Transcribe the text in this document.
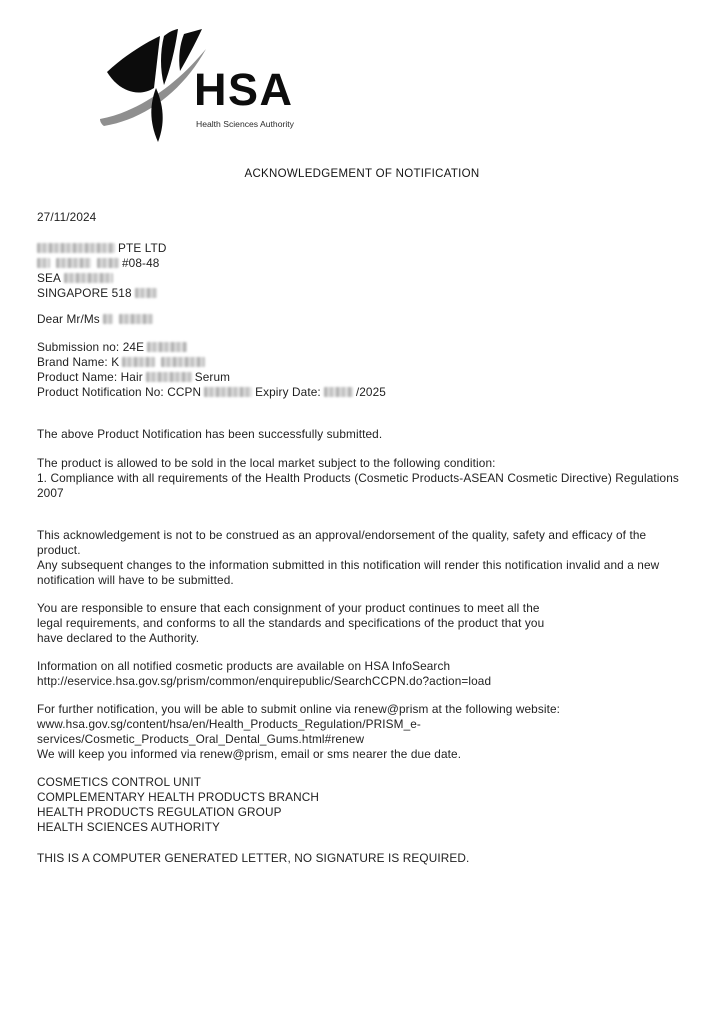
HSA
Health Sciences Authority
ACKNOWLEDGEMENT OF NOTIFICATION
27/11/2024
PTE LTD
#08-48
SEA
SINGAPORE 518
Dear Mr/Ms
Submission no: 24E
Brand Name: K
Product Name: Hair	Serum
Product Notification No: CCPN	Expiry Date:	/2025
The above Product Notification has been successfully submitted.
The product is allowed to be sold in the local market subject to the following condition:
1. Compliance with all requirements of the Health Products (Cosmetic Products-ASEAN Cosmetic Directive) Regulations 2007
This acknowledgement is not to be construed as an approval/endorsement of the quality, safety and efficacy of the product.
Any subsequent changes to the information submitted in this notification will render this notification invalid and a new
notification will have to be submitted.
You are responsible to ensure that each consignment of your product continues to meet all the
legal requirements, and conforms to all the standards and specifications of the product that you
have declared to the Authority.
Information on all notified cosmetic products are available on HSA InfoSearch
http://eservice.hsa.gov.sg/prism/common/enquirepublic/SearchCCPN.do?action=load
For further notification, you will be able to submit online via renew@prism at the following website:
www.hsa.gov.sg/content/hsa/en/Health_Products_Regulation/PRISM_e-
services/Cosmetic_Products_Oral_Dental_Gums.html#renew
We will keep you informed via renew@prism, email or sms nearer the due date.
COSMETICS CONTROL UNIT
COMPLEMENTARY HEALTH PRODUCTS BRANCH
HEALTH PRODUCTS REGULATION GROUP
HEALTH SCIENCES AUTHORITY
THIS IS A COMPUTER GENERATED LETTER, NO SIGNATURE IS REQUIRED.
